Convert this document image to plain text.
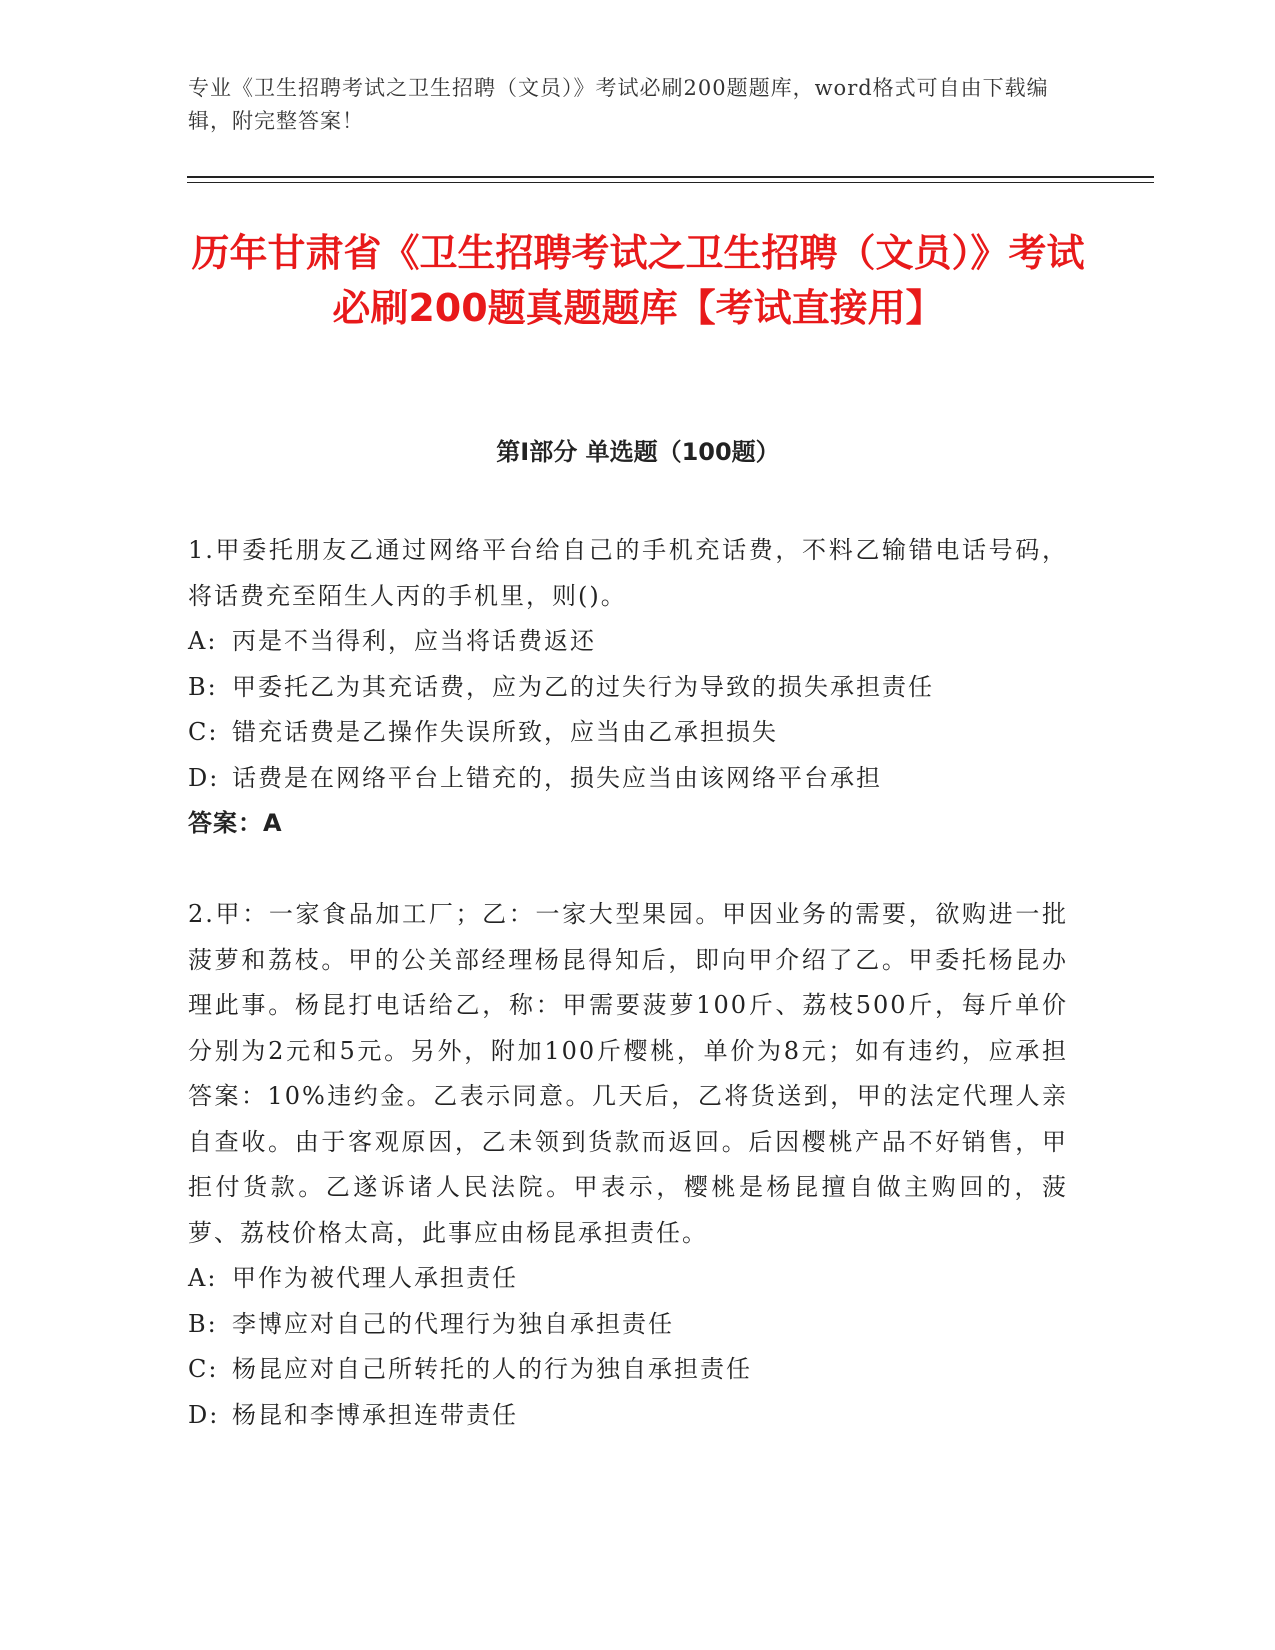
专业《卫生招聘考试之卫生招聘（文员）》考试必刷200题题库，word格式可自由下载编辑，附完整答案！
历年甘肃省《卫生招聘考试之卫生招聘（文员）》考试必刷200题真题题库【考试直接用】
第I部分 单选题（100题）
1.甲委托朋友乙通过网络平台给自己的手机充话费，不料乙输错电话号码，将话费充至陌生人丙的手机里，则()。
A: 丙是不当得利，应当将话费返还
B: 甲委托乙为其充话费，应为乙的过失行为导致的损失承担责任
C: 错充话费是乙操作失误所致，应当由乙承担损失
D: 话费是在网络平台上错充的，损失应当由该网络平台承担
答案：A
2.甲：一家食品加工厂；乙：一家大型果园。甲因业务的需要，欲购进一批菠萝和荔枝。甲的公关部经理杨昆得知后，即向甲介绍了乙。甲委托杨昆办理此事。杨昆打电话给乙，称：甲需要菠萝100斤、荔枝500斤，每斤单价分别为2元和5元。另外，附加100斤樱桃，单价为8元；如有违约，应承担答案：10%违约金。乙表示同意。几天后，乙将货送到，甲的法定代理人亲自查收。由于客观原因，乙未领到货款而返回。后因樱桃产品不好销售，甲拒付货款。乙遂诉诸人民法院。甲表示，樱桃是杨昆擅自做主购回的，菠萝、荔枝价格太高，此事应由杨昆承担责任。
A: 甲作为被代理人承担责任
B: 李博应对自己的代理行为独自承担责任
C: 杨昆应对自己所转托的人的行为独自承担责任
D: 杨昆和李博承担连带责任
